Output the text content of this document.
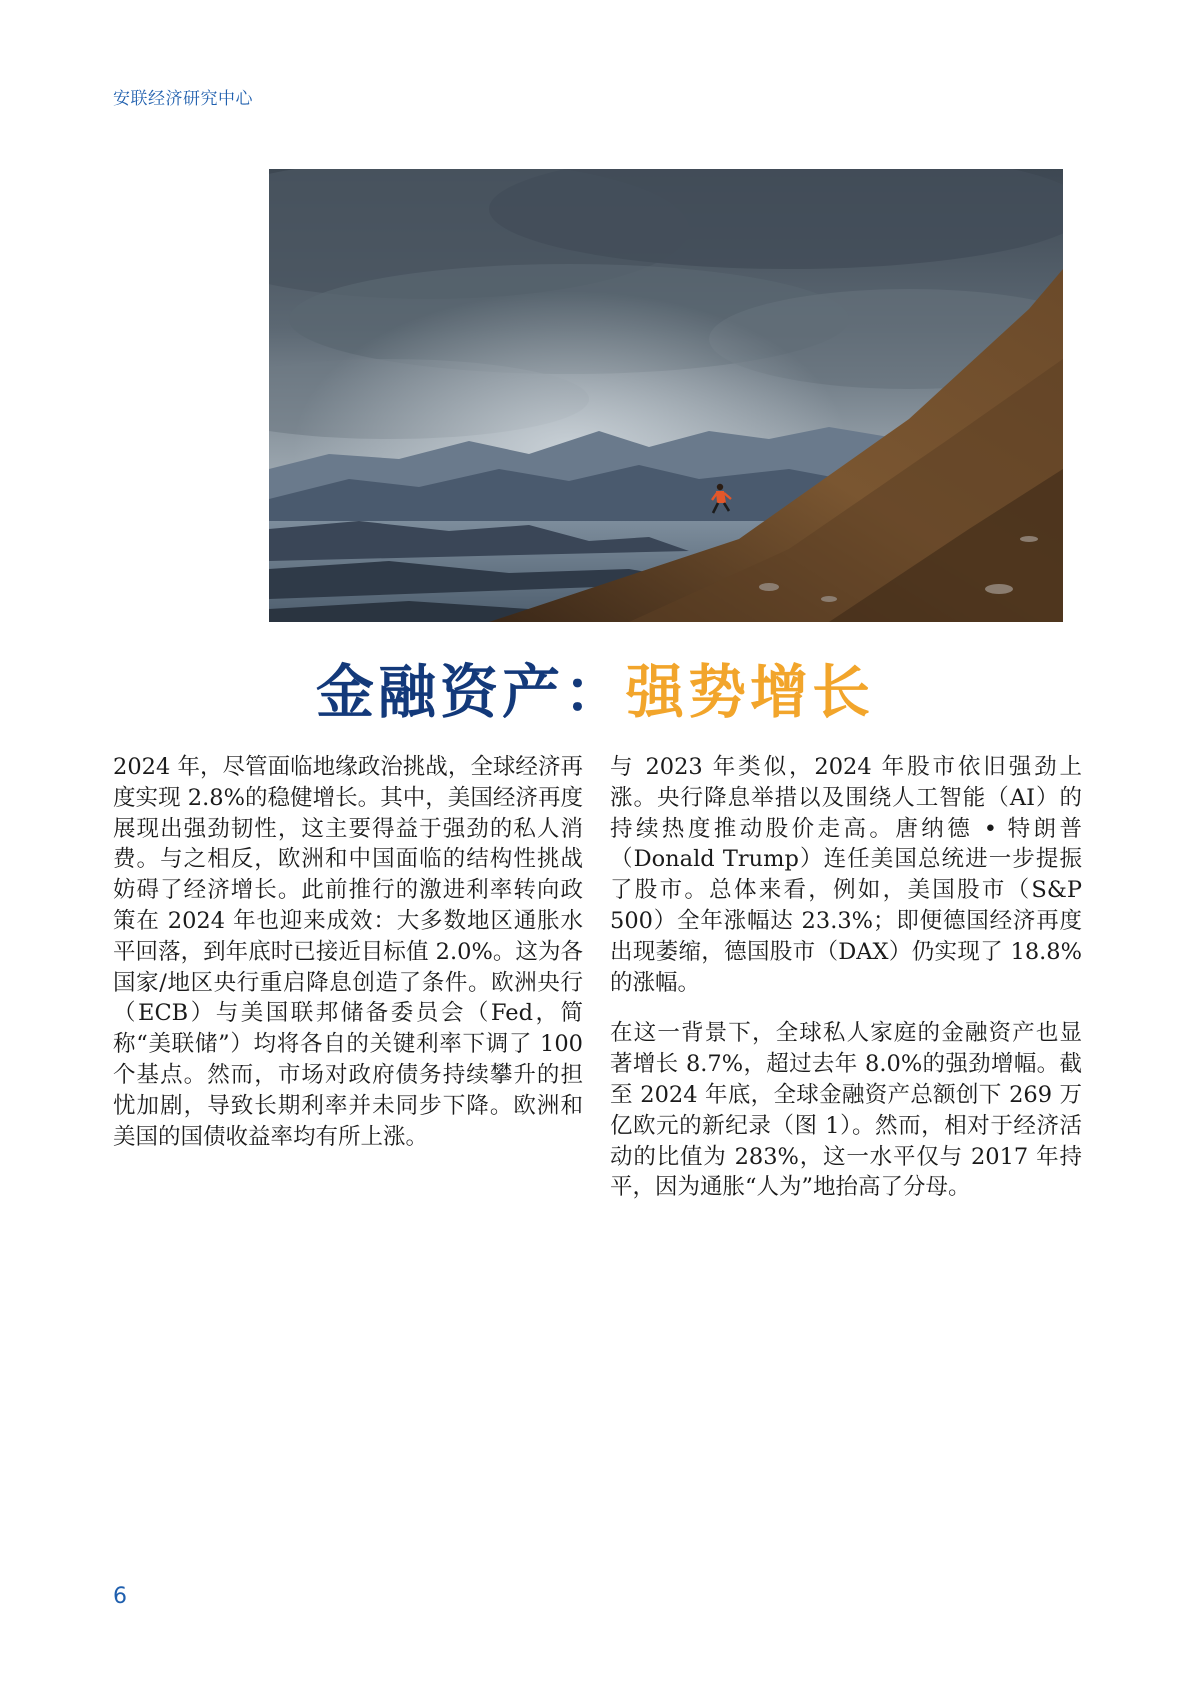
安联经济研究中心
金融资产：强势增长

2024 年，尽管面临地缘政治挑战，全球经济再度实现 2.8%的稳健增长。其中，美国经济再度展现出强劲韧性，这主要得益于强劲的私人消费。与之相反，欧洲和中国面临的结构性挑战妨碍了经济增长。此前推行的激进利率转向政策在 2024 年也迎来成效：大多数地区通胀水平回落，到年底时已接近目标值 2.0%。这为各国家/地区央行重启降息创造了条件。欧洲央行（ECB）与美国联邦储备委员会（Fed，简称“美联储”）均将各自的关键利率下调了 100 个基点。然而，市场对政府债务持续攀升的担忧加剧，导致长期利率并未同步下降。欧洲和美国的国债收益率均有所上涨。

与 2023 年类似，2024 年股市依旧强劲上涨。央行降息举措以及围绕人工智能（AI）的持续热度推动股价走高。唐纳德 • 特朗普（Donald Trump）连任美国总统进一步提振了股市。总体来看，例如，美国股市（S&P 500）全年涨幅达 23.3%；即便德国经济再度出现萎缩，德国股市（DAX）仍实现了 18.8%的涨幅。

在这一背景下，全球私人家庭的金融资产也显著增长 8.7%，超过去年 8.0%的强劲增幅。截至 2024 年底，全球金融资产总额创下 269 万亿欧元的新纪录（图 1）。然而，相对于经济活动的比值为 283%，这一水平仅与 2017 年持平，因为通胀“人为”地抬高了分母。

6
